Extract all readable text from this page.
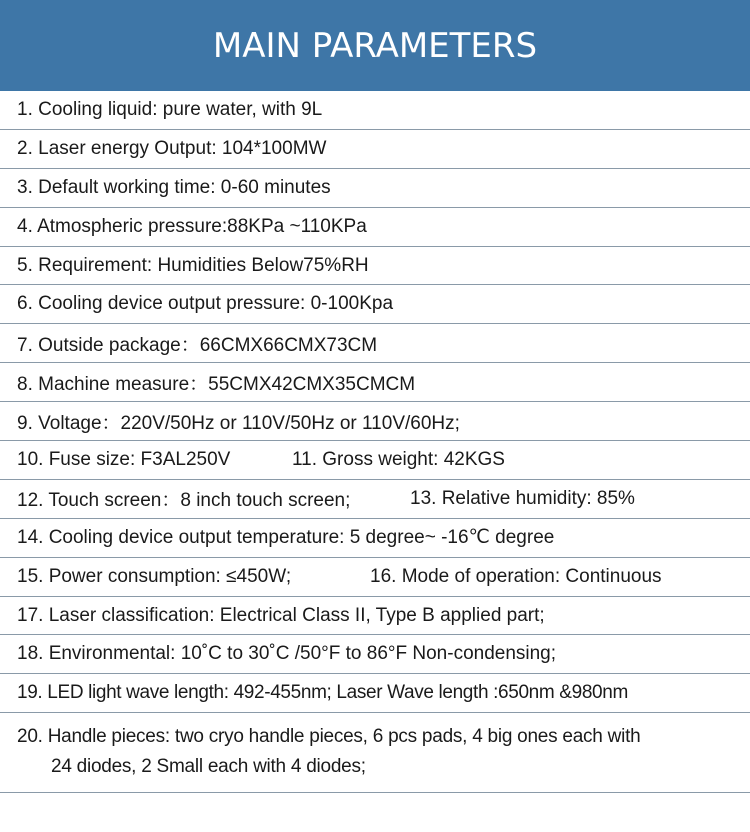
MAIN PARAMETERS
1. Cooling liquid: pure water, with 9L
2. Laser energy Output: 104*100MW
3. Default working time: 0-60 minutes
4. Atmospheric pressure:88KPa ~110KPa
5. Requirement: Humidities Below75%RH
6. Cooling device output pressure: 0-100Kpa
7. Outside package：66CMX66CMX73CM
8. Machine measure：55CMX42CMX35CMCM
9. Voltage：220V/50Hz or 110V/50Hz or 110V/60Hz;
10. Fuse size: F3AL250V	11. Gross weight: 42KGS
12. Touch screen：8 inch touch screen;	13. Relative humidity: 85%
14. Cooling device output temperature: 5 degree~ -16℃ degree
15. Power consumption: ≤450W;	16. Mode of operation: Continuous
17. Laser classification: Electrical Class II, Type B applied part;
18. Environmental: 10˚C to 30˚C /50°F to 86°F Non-condensing;
19. LED light wave length: 492-455nm; Laser Wave length :650nm &980nm
20. Handle pieces: two cryo handle pieces, 6 pcs pads, 4 big ones each with
24 diodes, 2 Small each with 4 diodes;
